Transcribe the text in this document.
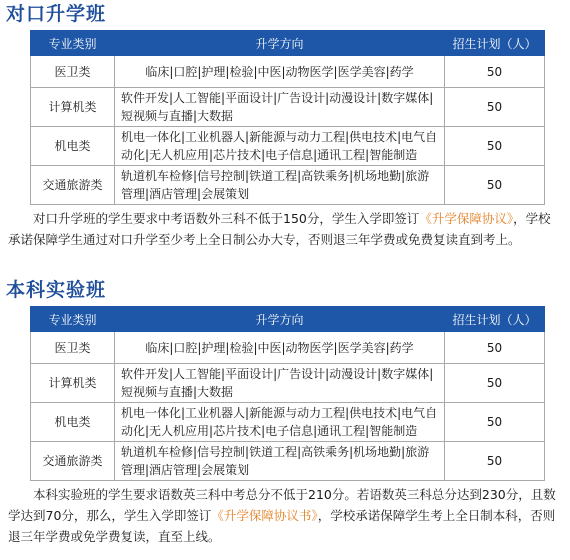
对口升学班
专业类别	升学方向	招生计划（人）
医卫类	临床|口腔|护理|检验|中医|动物医学|医学美容|药学	50
计算机类	软件开发|人工智能|平面设计|广告设计|动漫设计|数字媒体|短视频与直播|大数据	50
机电类	机电一体化|工业机器人|新能源与动力工程|供电技术|电气自动化|无人机应用|芯片技术|电子信息|通讯工程|智能制造	50
交通旅游类	轨道机车检修|信号控制|铁道工程|高铁乘务|机场地勤|旅游管理|酒店管理|会展策划	50

对口升学班的学生要求中考语数外三科不低于150分，学生入学即签订《升学保障协议》，学校承诺保障学生通过对口升学至少考上全日制公办大专，否则退三年学费或免费复读直到考上。

本科实验班
专业类别	升学方向	招生计划（人）
医卫类	临床|口腔|护理|检验|中医|动物医学|医学美容|药学	50
计算机类	软件开发|人工智能|平面设计|广告设计|动漫设计|数字媒体|短视频与直播|大数据	50
机电类	机电一体化|工业机器人|新能源与动力工程|供电技术|电气自动化|无人机应用|芯片技术|电子信息|通讯工程|智能制造	50
交通旅游类	轨道机车检修|信号控制|铁道工程|高铁乘务|机场地勤|旅游管理|酒店管理|会展策划	50

本科实验班的学生要求语数英三科中考总分不低于210分。若语数英三科总分达到230分，且数学达到70分，那么，学生入学即签订《升学保障协议书》，学校承诺保障学生考上全日制本科，否则退三年学费或免学费复读，直至上线。
